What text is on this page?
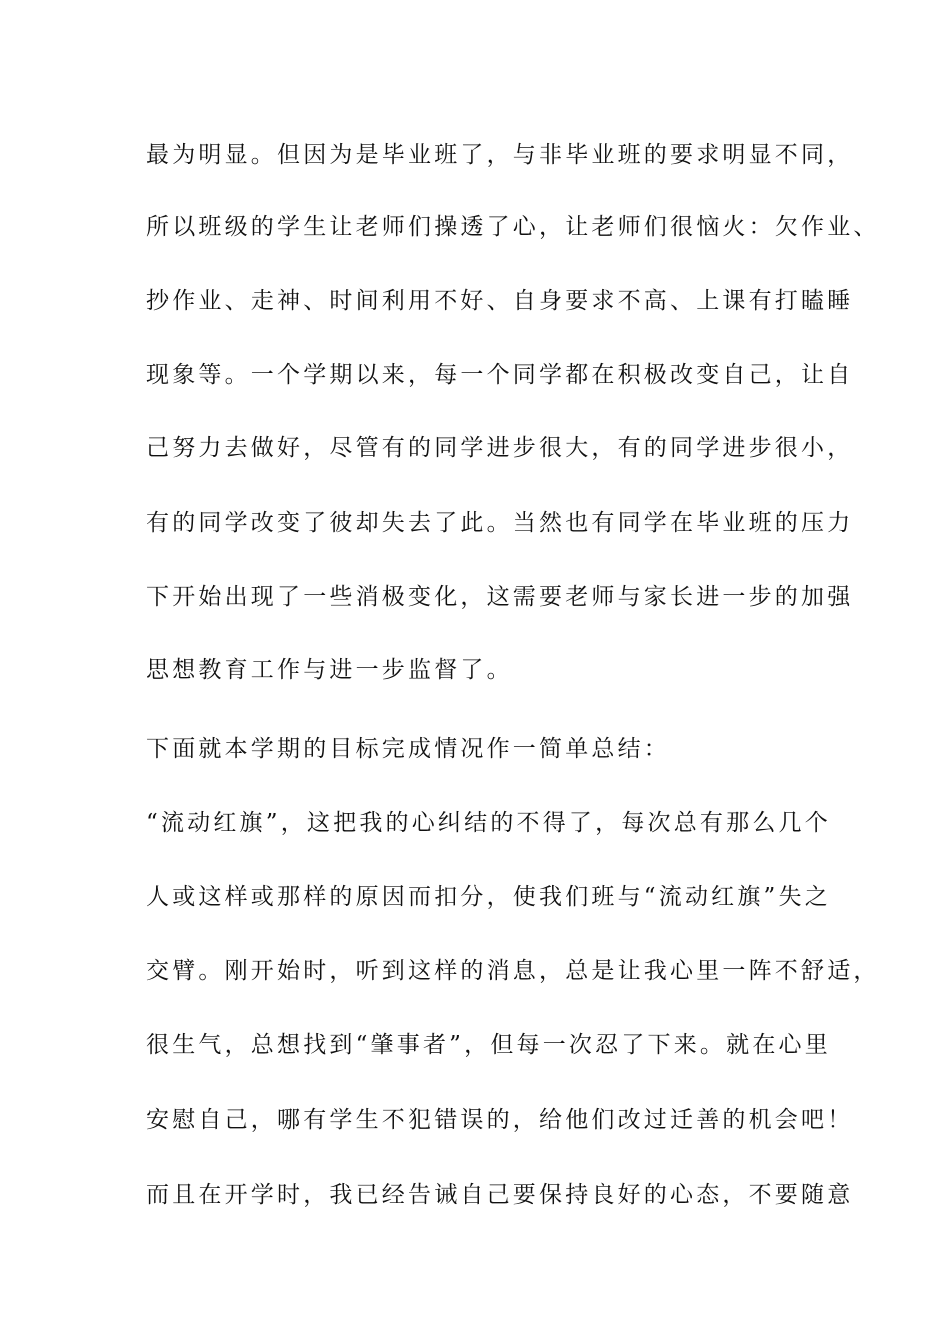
最为明显。但因为是毕业班了，与非毕业班的要求明显不同，

所以班级的学生让老师们操透了心，让老师们很恼火：欠作业、

抄作业、走神、时间利用不好、自身要求不高、上课有打瞌睡

现象等。一个学期以来，每一个同学都在积极改变自己，让自

己努力去做好，尽管有的同学进步很大，有的同学进步很小，

有的同学改变了彼却失去了此。当然也有同学在毕业班的压力

下开始出现了一些消极变化，这需要老师与家长进一步的加强

思想教育工作与进一步监督了。

下面就本学期的目标完成情况作一简单总结：

“流动红旗”，这把我的心纠结的不得了，每次总有那么几个

人或这样或那样的原因而扣分，使我们班与“流动红旗”失之

交臂。刚开始时，听到这样的消息，总是让我心里一阵不舒适，

很生气，总想找到“肇事者”，但每一次忍了下来。就在心里

安慰自己，哪有学生不犯错误的，给他们改过迁善的机会吧！

而且在开学时，我已经告诫自己要保持良好的心态，不要随意
